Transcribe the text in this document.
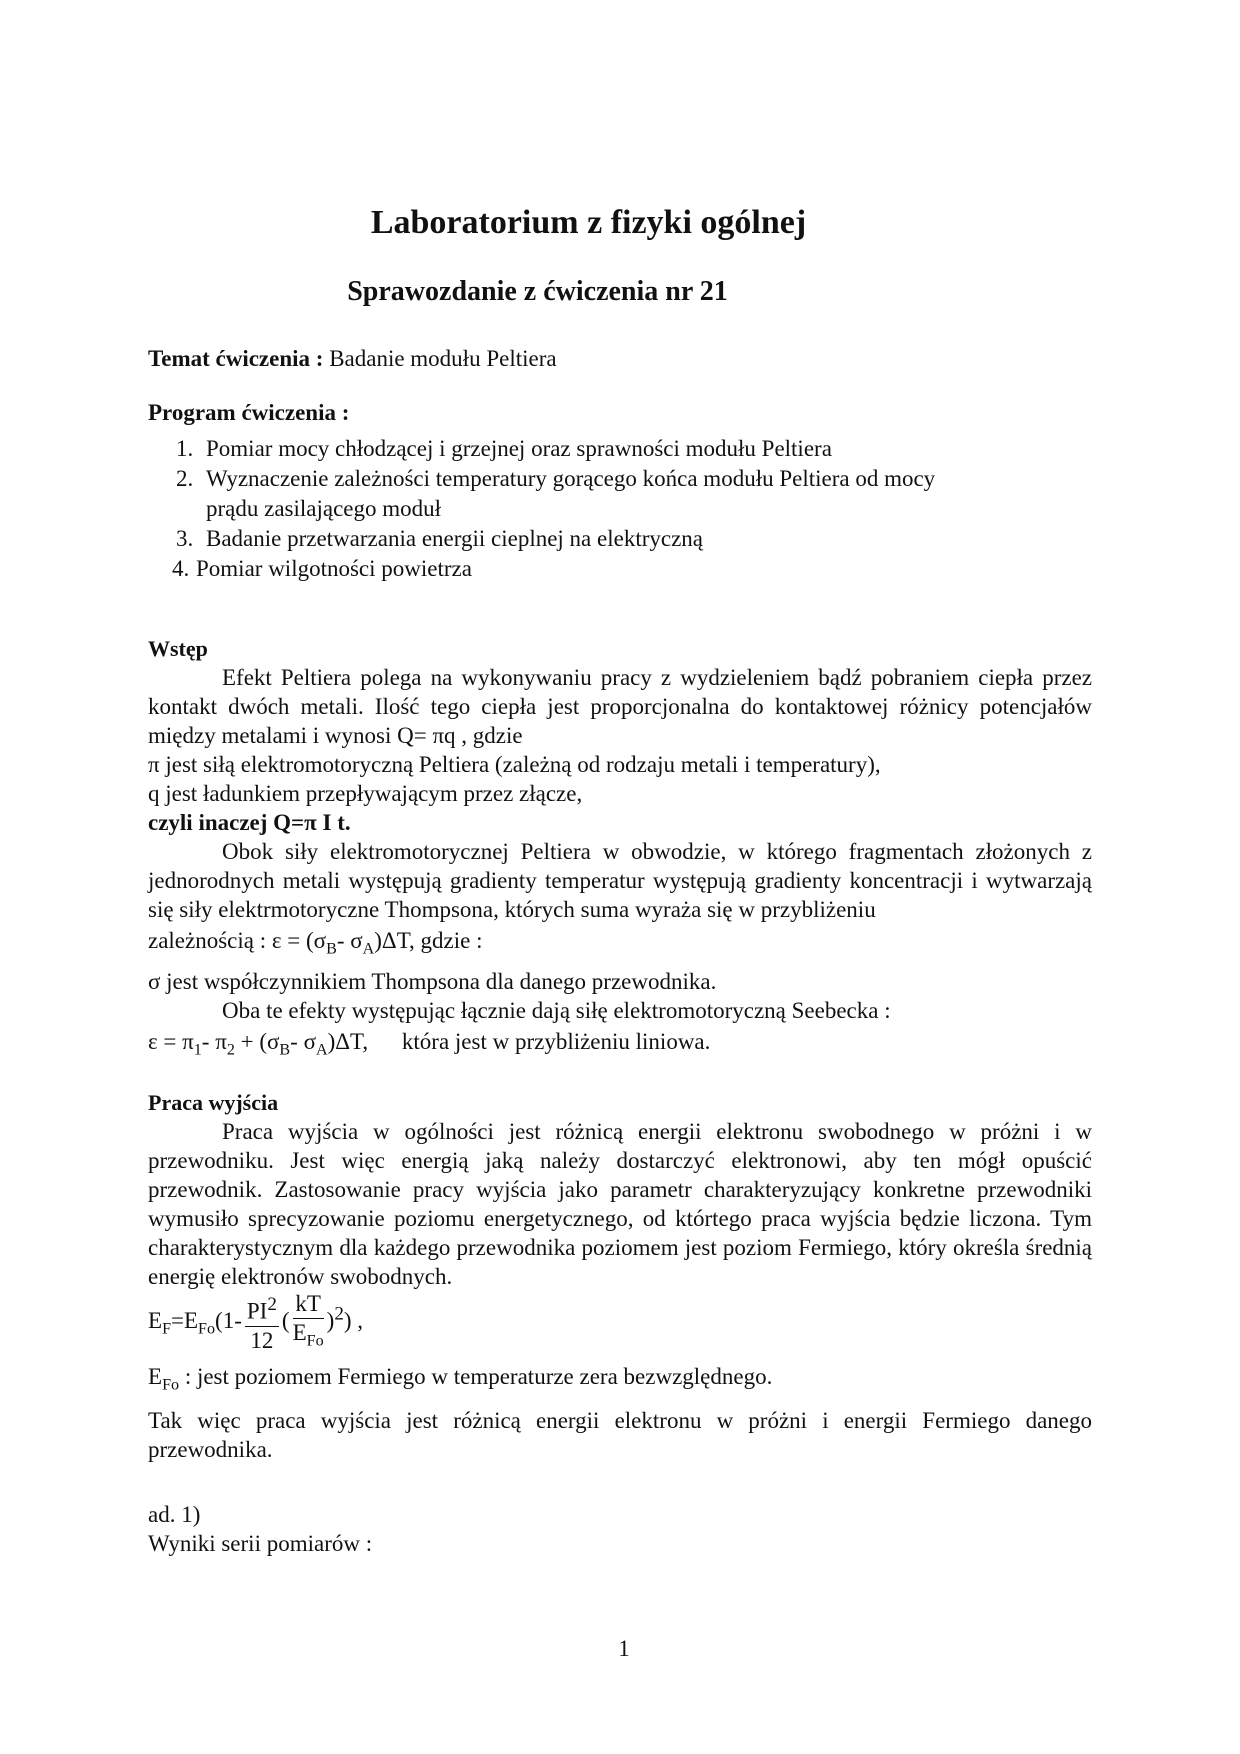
Laboratorium z fizyki ogólnej
Sprawozdanie z ćwiczenia nr 21
Temat ćwiczenia : Badanie modułu Peltiera
Program ćwiczenia :
1. Pomiar mocy chłodzącej i grzejnej oraz sprawności modułu Peltiera
2. Wyznaczenie zależności temperatury gorącego końca modułu Peltiera od mocy
prądu zasilającego moduł
3. Badanie przetwarzania energii cieplnej na elektryczną
4. Pomiar wilgotności powietrza
Wstęp

Efekt Peltiera polega na wykonywaniu pracy z wydzieleniem bądź pobraniem ciepła przez kontakt dwóch metali. Ilość tego ciepła jest proporcjonalna do kontaktowej różnicy potencjałów między metalami i wynosi Q= πq , gdzie

π jest siłą elektromotoryczną Peltiera (zależną od rodzaju metali i temperatury),
q jest ładunkiem przepływającym przez złącze,
czyli inaczej Q=π I t.

Obok siły elektromotorycznej Peltiera w obwodzie, w którego fragmentach złożonych z jednorodnych metali występują gradienty temperatur występują gradienty koncentracji i wytwarzają się siły elektrmotoryczne Thompsona, których suma wyraża się w przybliżeniu

zależnością : $\varepsilon = (\sigma_B-$ $\sigma_A)\Delta T$, gdzie :
σ jest współczynnikiem Thompsona dla danego przewodnika.
Oba te efekty występując łącznie dają siłę elektromotoryczną Seebecka :
$\varepsilon = \pi_1-$ $\pi_2 + (\sigma_B-$ $\sigma_A)\Delta T$, która jest w przybliżeniu liniowa.
Praca wyjścia

Praca wyjścia w ogólności jest różnicą energii elektronu swobodnego w próżni i w przewodniku. Jest więc energią jaką należy dostarczyć elektronowi, aby ten mógł opuścić przewodnik. Zastosowanie pracy wyjścia jako parametr charakteryzujący konkretne przewodniki wymusiło sprecyzowanie poziomu energetycznego, od którtego praca wyjścia będzie liczona. Tym charakterystycznym dla każdego przewodnika poziomem jest poziom Fermiego, który określa średnią energię elektronów swobodnych.

$E_F=E_{Fo}(1- \frac{PI^2}{12}$ ( $\frac{kT}{E_{Fo}} )^2$) ,
$E_{Fo}$ : jest poziomem Fermiego w temperaturze zera bezwzględnego.

Tak więc praca wyjścia jest różnicą energii elektronu w próżni i energii Fermiego danego przewodnika.

ad. 1)
Wyniki serii pomiarów :
1
